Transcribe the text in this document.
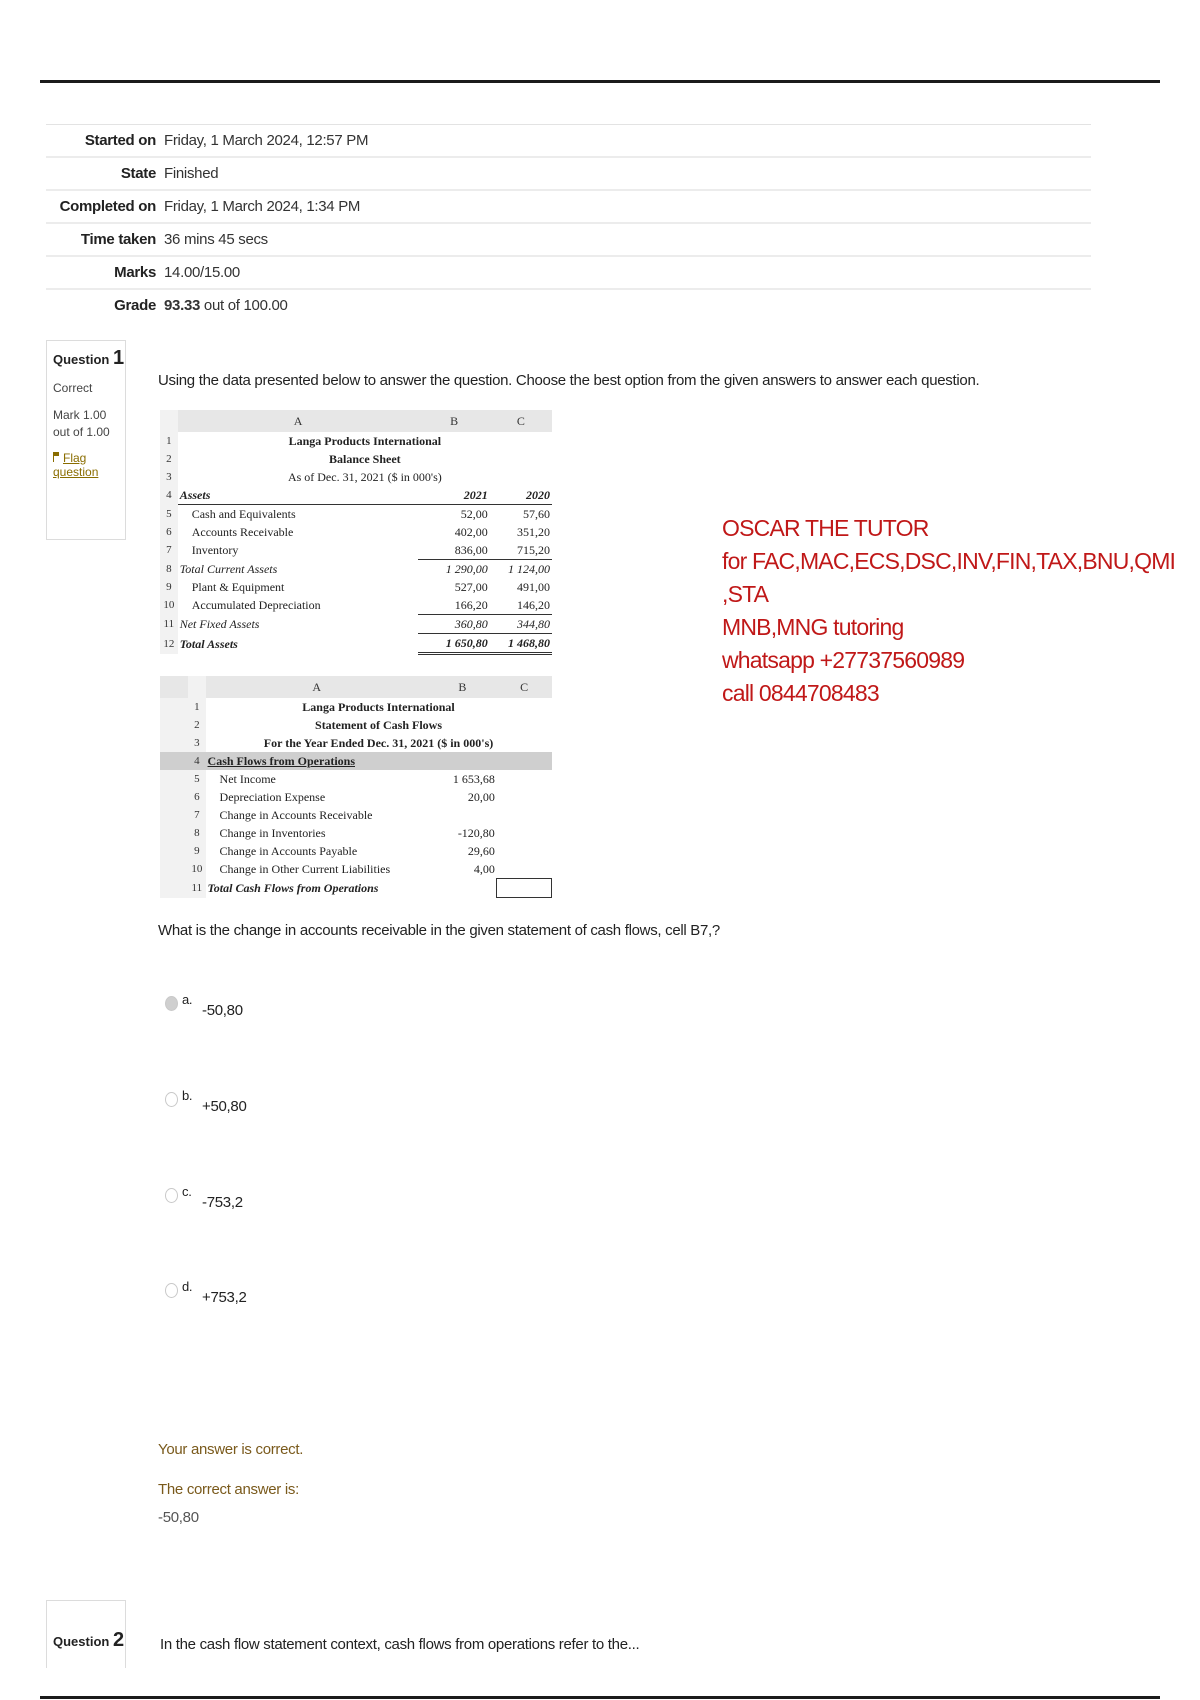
Started on Friday, 1 March 2024, 12:57 PM
State Finished
Completed on Friday, 1 March 2024, 1:34 PM
Time taken 36 mins 45 secs
Marks 14.00/15.00
Grade 93.33 out of 100.00
Question 1
Correct
Mark 1.00 out of 1.00
Flag question
Using the data presented below to answer the question. Choose the best option from the given answers to answer each question.
	A	B	C
1	Langa Products International		
2	Balance Sheet		
3	As of Dec. 31, 2021 ($ in 000's)		
4	Assets	2021	2020
5	Cash and Equivalents	52,00	57,60
6	Accounts Receivable	402,00	351,20
7	Inventory	836,00	715,20
8	Total Current Assets	1 290,00	1 124,00
9	Plant & Equipment	527,00	491,00
10	Accumulated Depreciation	166,20	146,20
11	Net Fixed Assets	360,80	344,80
12	Total Assets	1 650,80	1 468,80
		A	B	C
	1	Langa Products International		
	2	Statement of Cash Flows		
	3	For the Year Ended Dec. 31, 2021 ($ in 000's)		
	4	Cash Flows from Operations		
	5	Net Income	1 653,68	
	6	Depreciation Expense	20,00	
	7	Change in Accounts Receivable		
	8	Change in Inventories	-120,80	
	9	Change in Accounts Payable	29,60	
	10	Change in Other Current Liabilities	4,00	
	11	Total Cash Flows from Operations		
What is the change in accounts receivable in the given statement of cash flows, cell B7,?
a.
-50,80
b.
+50,80
c.
-753,2
d.
+753,2
Your answer is correct.
The correct answer is:
-50,80
OSCAR THE TUTOR
for FAC,MAC,ECS,DSC,INV,FIN,TAX,BNU,QMI ,STA
MNB,MNG tutoring
whatsapp +27737560989
call 0844708483
Question 2 In the cash flow statement context, cash flows from operations refer to the...
